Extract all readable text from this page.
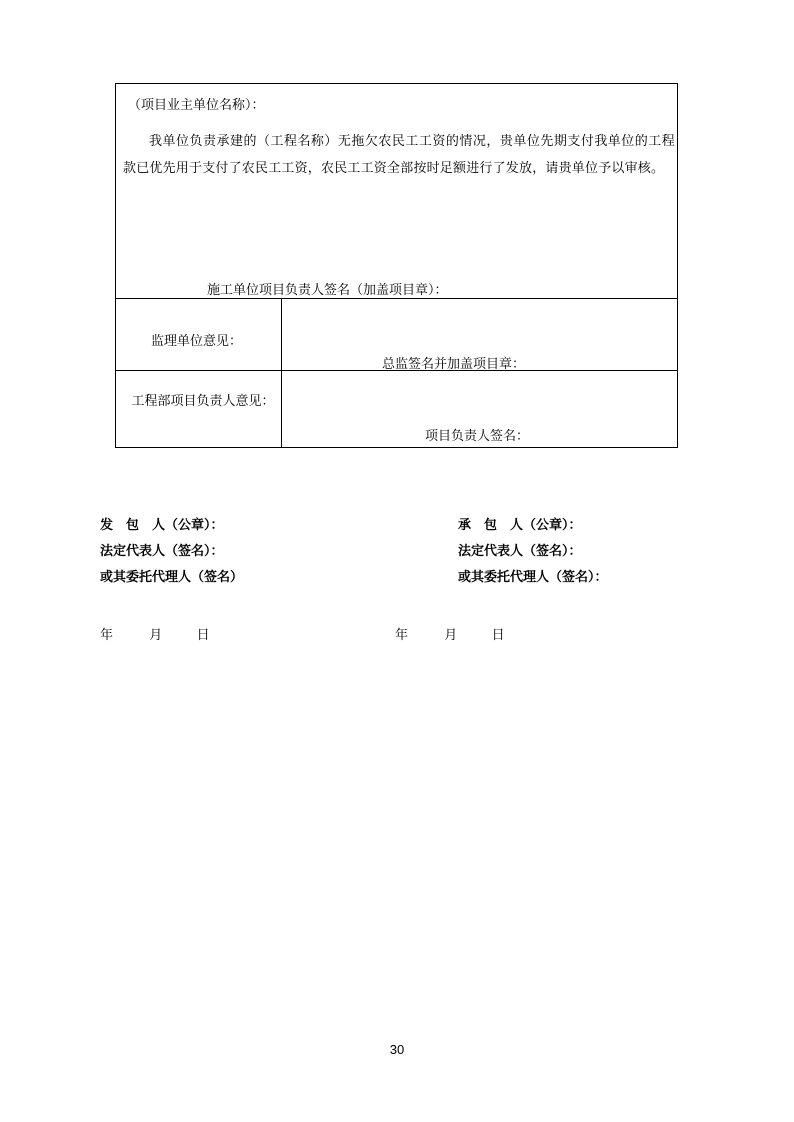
（项目业主单位名称）：
我单位负责承建的（工程名称）无拖欠农民工工资的情况，贵单位先期支付我单位的工程款已优先用于支付了农民工工资，农民工工资全部按时足额进行了发放，请贵单位予以审核。
施工单位项目负责人签名（加盖项目章）：
监理单位意见：
总监签名并加盖项目章：
工程部项目负责人意见：
项目负责人签名：
发　包　人（公章）：
法定代表人（签名）：
或其委托代理人（签名）
承　包　人（公章）：
法定代表人（签名）：
或其委托代理人（签名）：
年	月	日	年	月	日
30
